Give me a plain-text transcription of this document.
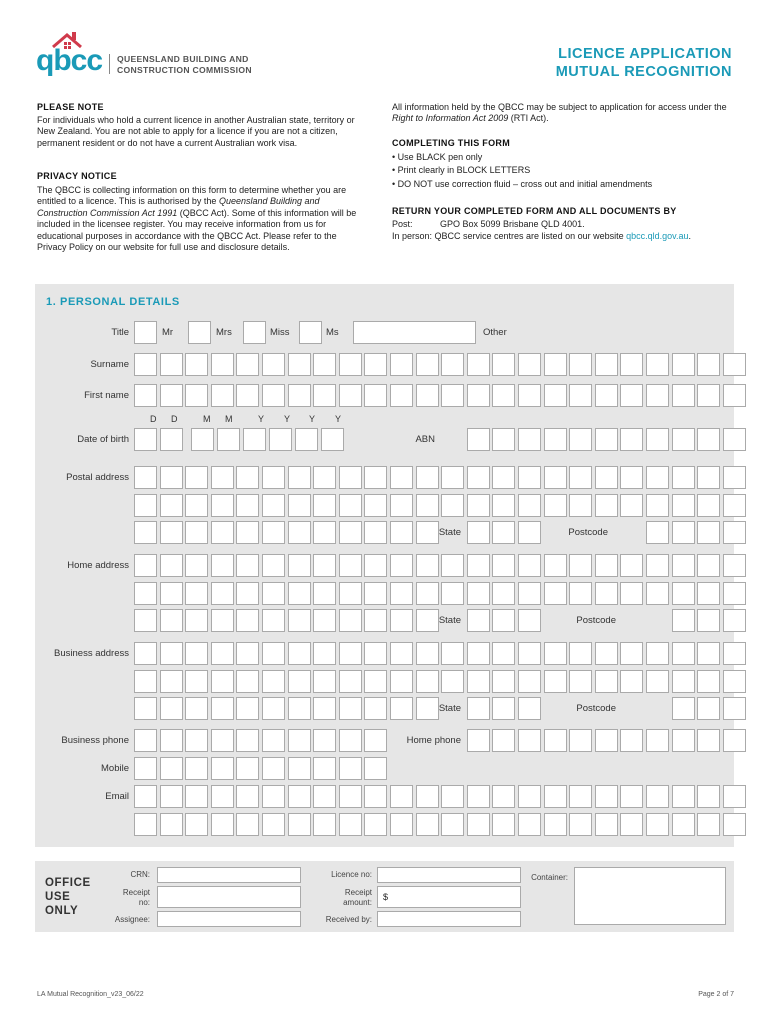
qbcc QUEENSLAND BUILDING AND
CONSTRUCTION COMMISSION
LICENCE APPLICATION
MUTUAL RECOGNITION
PLEASE NOTE
For individuals who hold a current licence in another Australian state, territory or New Zealand. You are not able to apply for a licence if you are not a citizen, permanent resident or do not have a current Australian work visa.
PRIVACY NOTICE
The QBCC is collecting information on this form to determine whether you are entitled to a licence. This is authorised by the Queensland Building and Construction Commission Act 1991 (QBCC Act). Some of this information will be included in the licensee register. You may receive information from us for educational purposes in accordance with the QBCC Act. Please refer to the Privacy Policy on our website for full use and disclosure details.
All information held by the QBCC may be subject to application for access under the Right to Information Act 2009 (RTI Act).
COMPLETING THIS FORM
• Use BLACK pen only
• Print clearly in BLOCK LETTERS
• DO NOT use correction fluid – cross out and initial amendments
RETURN YOUR COMPLETED FORM AND ALL DOCUMENTS BY
Post:	GPO Box 5099 Brisbane QLD 4001.
In person: QBCC service centres are listed on our website qbcc.qld.gov.au.
1. PERSONAL DETAILS
Title	Mr	Mrs	Miss	Ms	Other
Surname
First name
D D	M M	Y Y Y Y
Date of birth	ABN
Postal address
State	Postcode
Home address
State	Postcode
Business address
State	Postcode
Business phone	Home phone
Mobile
Email
OFFICE USE ONLY
CRN:
Receipt no:
Assignee:
Licence no:
Receipt amount:
$
Received by:
Container:
LA Mutual Recognition_v23_06/22	Page 2 of 7
